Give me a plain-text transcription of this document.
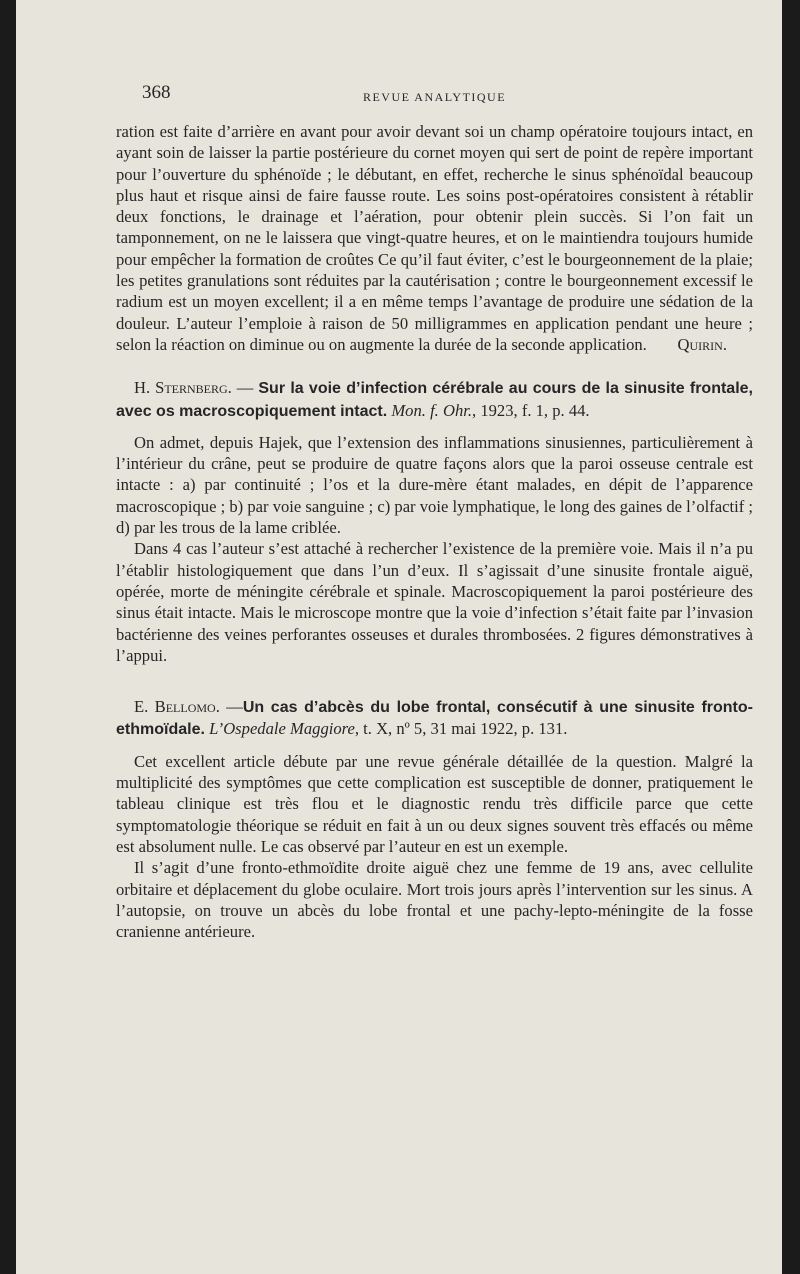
368	REVUE ANALYTIQUE

ration est faite d’arrière en avant pour avoir devant soi un champ opératoire toujours intact, en ayant soin de laisser la partie postérieure du cornet moyen qui sert de point de repère important pour l’ouverture du sphénoïde ; le débutant, en effet, recherche le sinus sphénoïdal beaucoup plus haut et risque ainsi de faire fausse route. Les soins post-opératoires consistent à rétablir deux fonctions, le drainage et l’aération, pour obtenir plein succès. Si l’on fait un tamponnement, on ne le laissera que vingt-quatre heures, et on le maintiendra toujours humide pour empêcher la formation de croûtes Ce qu’il faut éviter, c’est le bourgeonnement de la plaie; les petites granulations sont réduites par la cautérisation ; contre le bourgeonnement excessif le radium est un moyen excellent; il a en même temps l’avantage de produire une sédation de la douleur. L’auteur l’emploie à raison de 50 milligrammes en application pendant une heure ; selon la réaction on diminue ou on augmente la durée de la seconde application.	Quirin.

H. Sternberg. — Sur la voie d’infection cérébrale au cours de la sinusite frontale, avec os macroscopiquement intact. Mon. f. Ohr., 1923, f. 1, p. 44.

On admet, depuis Hajek, que l’extension des inflammations sinusiennes, particulièrement à l’intérieur du crâne, peut se produire de quatre façons alors que la paroi osseuse centrale est intacte : a) par continuité ; l’os et la dure-mère étant malades, en dépit de l’apparence macroscopique ; b) par voie sanguine ; c) par voie lymphatique, le long des gaines de l’olfactif ; d) par les trous de la lame criblée.

Dans 4 cas l’auteur s’est attaché à rechercher l’existence de la première voie. Mais il n’a pu l’établir histologiquement que dans l’un d’eux. Il s’agissait d’une sinusite frontale aiguë, opérée, morte de méningite cérébrale et spinale. Macroscopiquement la paroi postérieure des sinus était intacte. Mais le microscope montre que la voie d’infection s’était faite par l’invasion bactérienne des veines perforantes osseuses et durales thrombosées. 2 figures démonstratives à l’appui.

E. Bellomo. —Un cas d’abcès du lobe frontal, consécutif à une sinusite fronto-ethmoïdale. L’Ospedale Maggiore, t. X, nº 5, 31 mai 1922, p. 131.

Cet excellent article débute par une revue générale détaillée de la question. Malgré la multiplicité des symptômes que cette complication est susceptible de donner, pratiquement le tableau clinique est très flou et le diagnostic rendu très difficile parce que cette symptomatologie théorique se réduit en fait à un ou deux signes souvent très effacés ou même est absolument nulle. Le cas observé par l’auteur en est un exemple.

Il s’agit d’une fronto-ethmoïdite droite aiguë chez une femme de 19 ans, avec cellulite orbitaire et déplacement du globe oculaire. Mort trois jours après l’intervention sur les sinus. A l’autopsie, on trouve un abcès du lobe frontal et une pachy-lepto-méningite de la fosse cranienne antérieure.
